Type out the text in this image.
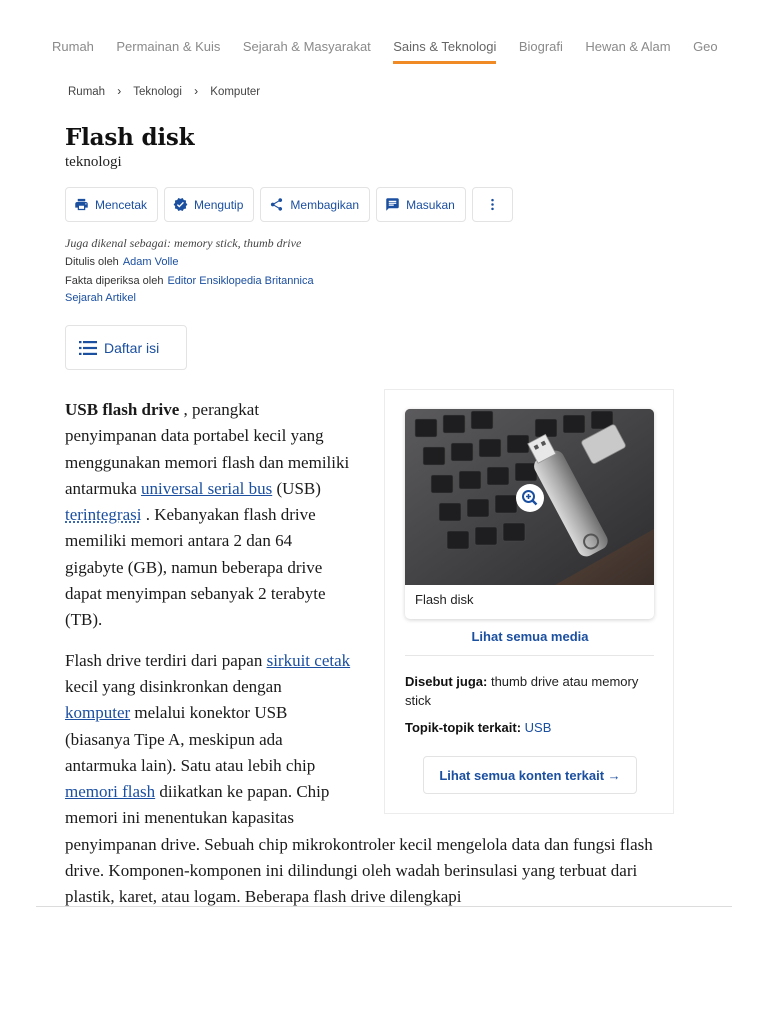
Rumah Permainan & Kuis Sejarah & Masyarakat Sains & Teknologi Biografi Hewan & Alam Geo
Rumah › Teknologi › Komputer
Flash disk
teknologi
Mencetak	Mengutip	Membagikan	Masukan
Juga dikenal sebagai: memory stick, thumb drive
Ditulis oleh Adam Volle
Fakta diperiksa oleh Editor Ensiklopedia Britannica
Sejarah Artikel
Daftar isi

USB flash drive , perangkat penyimpanan data portabel kecil yang menggunakan memori flash dan memiliki antarmuka universal serial bus (USB) terintegrasi . Kebanyakan flash drive memiliki memori antara 2 dan 64 gigabyte (GB), namun beberapa drive dapat menyimpan sebanyak 2 terabyte (TB).

Flash drive terdiri dari papan sirkuit cetak kecil yang disinkronkan dengan komputer melalui konektor USB (biasanya Tipe A, meskipun ada antarmuka lain). Satu atau lebih chip memori flash diikatkan ke papan. Chip memori ini menentukan kapasitas penyimpanan drive. Sebuah chip mikrokontroler kecil mengelola data dan fungsi flash drive. Komponen-komponen ini dilindungi oleh wadah berinsulasi yang terbuat dari plastik, karet, atau logam. Beberapa flash drive dilengkapi

Flash disk
Lihat semua media
Disebut juga: thumb drive atau memory stick
Topik-topik terkait: USB
Lihat semua konten terkait →
